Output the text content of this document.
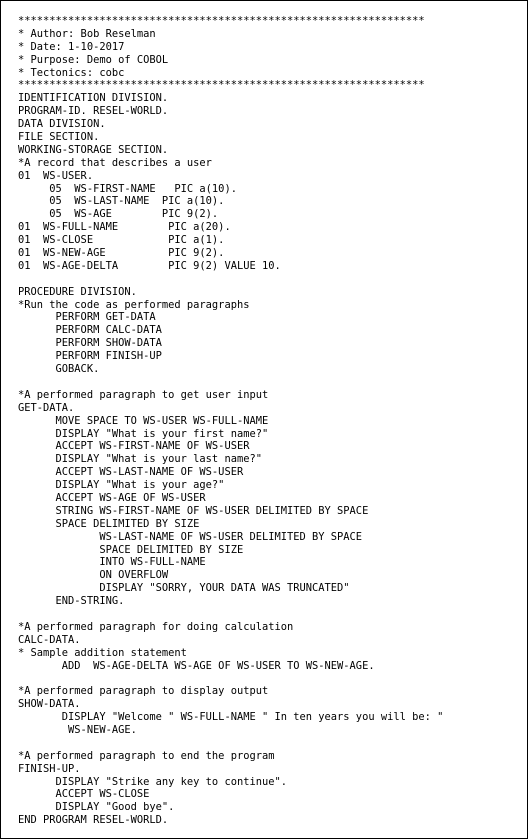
*****************************************************************
* Author: Bob Reselman
* Date: 1-10-2017
* Purpose: Demo of COBOL
* Tectonics: cobc
*****************************************************************
IDENTIFICATION DIVISION.
PROGRAM-ID. RESEL-WORLD.
DATA DIVISION.
FILE SECTION.
WORKING-STORAGE SECTION.
*A record that describes a user
01  WS-USER.
05  WS-FIRST-NAME   PIC a(10).
05  WS-LAST-NAME  PIC a(10).
05  WS-AGE        PIC 9(2).
01  WS-FULL-NAME        PIC a(20).
01  WS-CLOSE            PIC a(1).
01  WS-NEW-AGE          PIC 9(2).
01  WS-AGE-DELTA        PIC 9(2) VALUE 10.
PROCEDURE DIVISION.
*Run the code as performed paragraphs
PERFORM GET-DATA
PERFORM CALC-DATA
PERFORM SHOW-DATA
PERFORM FINISH-UP
GOBACK.
*A performed paragraph to get user input
GET-DATA.
MOVE SPACE TO WS-USER WS-FULL-NAME
DISPLAY "What is your first name?"
ACCEPT WS-FIRST-NAME OF WS-USER
DISPLAY "What is your last name?"
ACCEPT WS-LAST-NAME OF WS-USER
DISPLAY "What is your age?"
ACCEPT WS-AGE OF WS-USER
STRING WS-FIRST-NAME OF WS-USER DELIMITED BY SPACE
SPACE DELIMITED BY SIZE
WS-LAST-NAME OF WS-USER DELIMITED BY SPACE
SPACE DELIMITED BY SIZE
INTO WS-FULL-NAME
ON OVERFLOW
DISPLAY "SORRY, YOUR DATA WAS TRUNCATED"
END-STRING.
*A performed paragraph for doing calculation
CALC-DATA.
* Sample addition statement
ADD  WS-AGE-DELTA WS-AGE OF WS-USER TO WS-NEW-AGE.
*A performed paragraph to display output
SHOW-DATA.
DISPLAY "Welcome " WS-FULL-NAME " In ten years you will be: "
WS-NEW-AGE.
*A performed paragraph to end the program
FINISH-UP.
DISPLAY "Strike any key to continue".
ACCEPT WS-CLOSE
DISPLAY "Good bye".
END PROGRAM RESEL-WORLD.
